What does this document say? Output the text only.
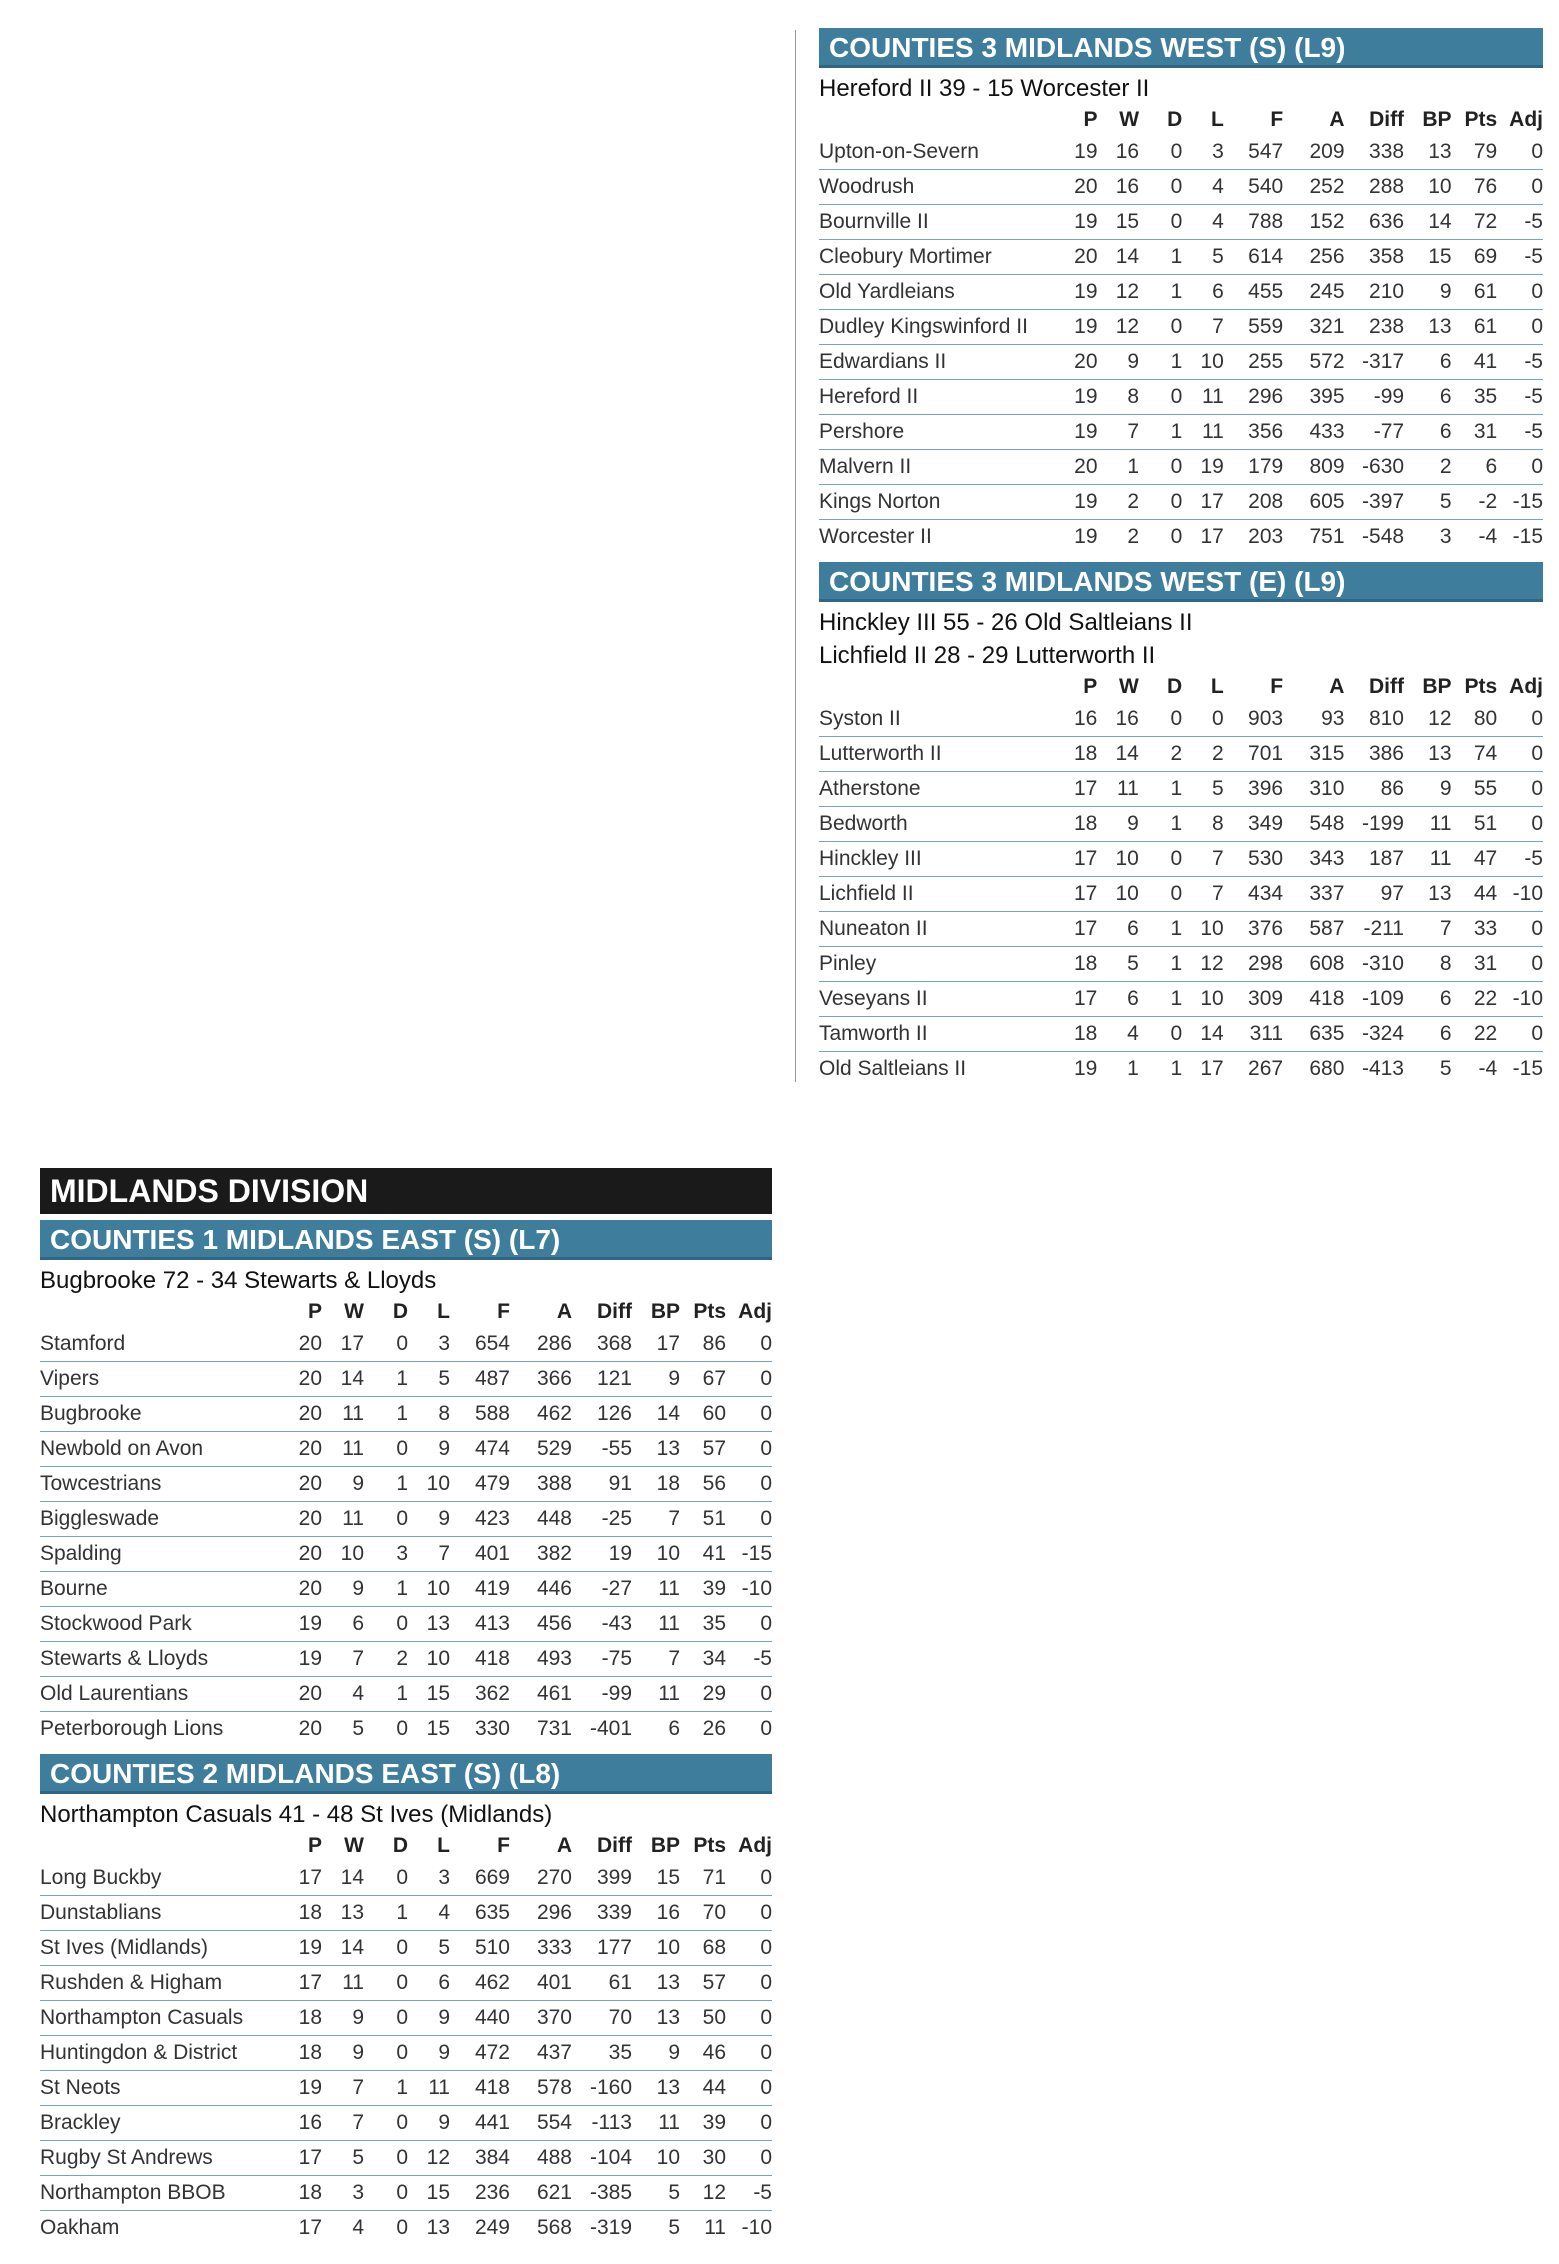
COUNTIES 3 MIDLANDS WEST (S) (L9)
Hereford II 39 - 15 Worcester II
	P	W	D	L	F	A	Diff	BP	Pts	Adj
Upton-on-Severn	19	16	0	3	547	209	338	13	79	0
Woodrush	20	16	0	4	540	252	288	10	76	0
Bournville II	19	15	0	4	788	152	636	14	72	-5
Cleobury Mortimer	20	14	1	5	614	256	358	15	69	-5
Old Yardleians	19	12	1	6	455	245	210	9	61	0
Dudley Kingswinford II	19	12	0	7	559	321	238	13	61	0
Edwardians II	20	9	1	10	255	572	-317	6	41	-5
Hereford II	19	8	0	11	296	395	-99	6	35	-5
Pershore	19	7	1	11	356	433	-77	6	31	-5
Malvern II	20	1	0	19	179	809	-630	2	6	0
Kings Norton	19	2	0	17	208	605	-397	5	-2	-15
Worcester II	19	2	0	17	203	751	-548	3	-4	-15
COUNTIES 3 MIDLANDS WEST (E) (L9)
Hinckley III 55 - 26 Old Saltleians II
Lichfield II 28 - 29 Lutterworth II
	P	W	D	L	F	A	Diff	BP	Pts	Adj
Syston II	16	16	0	0	903	93	810	12	80	0
Lutterworth II	18	14	2	2	701	315	386	13	74	0
Atherstone	17	11	1	5	396	310	86	9	55	0
Bedworth	18	9	1	8	349	548	-199	11	51	0
Hinckley III	17	10	0	7	530	343	187	11	47	-5
Lichfield II	17	10	0	7	434	337	97	13	44	-10
Nuneaton II	17	6	1	10	376	587	-211	7	33	0
Pinley	18	5	1	12	298	608	-310	8	31	0
Veseyans II	17	6	1	10	309	418	-109	6	22	-10
Tamworth II	18	4	0	14	311	635	-324	6	22	0
Old Saltleians II	19	1	1	17	267	680	-413	5	-4	-15
MIDLANDS DIVISION
COUNTIES 1 MIDLANDS EAST (S) (L7)
Bugbrooke 72 - 34 Stewarts & Lloyds
	P	W	D	L	F	A	Diff	BP	Pts	Adj
Stamford	20	17	0	3	654	286	368	17	86	0
Vipers	20	14	1	5	487	366	121	9	67	0
Bugbrooke	20	11	1	8	588	462	126	14	60	0
Newbold on Avon	20	11	0	9	474	529	-55	13	57	0
Towcestrians	20	9	1	10	479	388	91	18	56	0
Biggleswade	20	11	0	9	423	448	-25	7	51	0
Spalding	20	10	3	7	401	382	19	10	41	-15
Bourne	20	9	1	10	419	446	-27	11	39	-10
Stockwood Park	19	6	0	13	413	456	-43	11	35	0
Stewarts & Lloyds	19	7	2	10	418	493	-75	7	34	-5
Old Laurentians	20	4	1	15	362	461	-99	11	29	0
Peterborough Lions	20	5	0	15	330	731	-401	6	26	0
COUNTIES 2 MIDLANDS EAST (S) (L8)
Northampton Casuals 41 - 48 St Ives (Midlands)
	P	W	D	L	F	A	Diff	BP	Pts	Adj
Long Buckby	17	14	0	3	669	270	399	15	71	0
Dunstablians	18	13	1	4	635	296	339	16	70	0
St Ives (Midlands)	19	14	0	5	510	333	177	10	68	0
Rushden & Higham	17	11	0	6	462	401	61	13	57	0
Northampton Casuals	18	9	0	9	440	370	70	13	50	0
Huntingdon & District	18	9	0	9	472	437	35	9	46	0
St Neots	19	7	1	11	418	578	-160	13	44	0
Brackley	16	7	0	9	441	554	-113	11	39	0
Rugby St Andrews	17	5	0	12	384	488	-104	10	30	0
Northampton BBOB	18	3	0	15	236	621	-385	5	12	-5
Oakham	17	4	0	13	249	568	-319	5	11	-10
